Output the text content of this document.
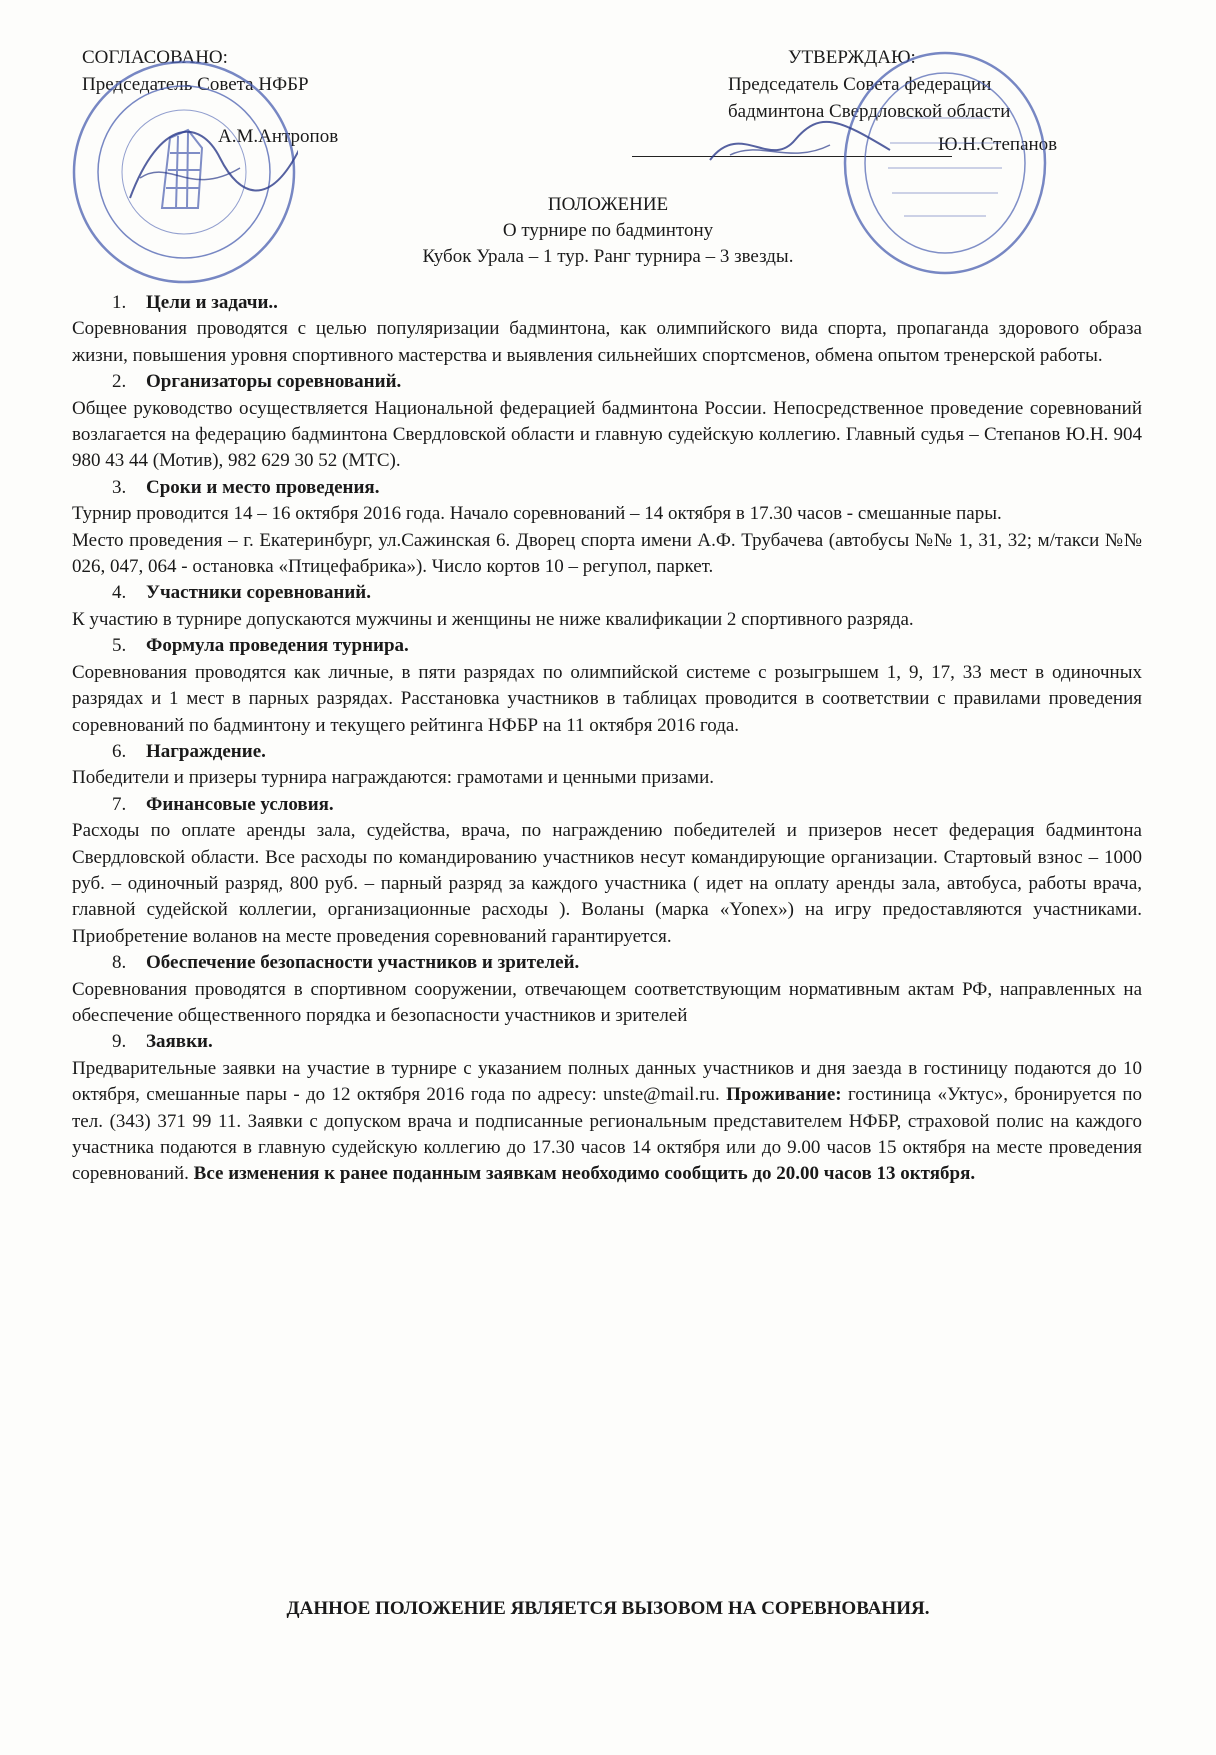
СОГЛАСОВАНО:
Председатель Совета НФБР
А.М.Антропов
УТВЕРЖДАЮ:
Председатель Совета федерации
бадминтона Свердловской области
Ю.Н.Степанов
ПОЛОЖЕНИЕ
О турнире по бадминтону
Кубок Урала – 1 тур. Ранг турнира – 3 звезды.
1. Цели и задачи..

Соревнования проводятся с целью популяризации бадминтона, как олимпийского вида спорта, пропаганда здорового образа жизни, повышения уровня спортивного мастерства и выявления сильнейших спортсменов, обмена опытом тренерской работы.

2. Организаторы соревнований.

Общее руководство осуществляется Национальной федерацией бадминтона России. Непосредственное проведение соревнований возлагается на федерацию бадминтона Свердловской области и главную судейскую коллегию. Главный судья – Степанов Ю.Н. 904 980 43 44 (Мотив), 982 629 30 52 (МТС).

3. Сроки и место проведения.

Турнир проводится 14 – 16 октября 2016 года. Начало соревнований – 14 октября в 17.30 часов - смешанные пары.

Место проведения – г. Екатеринбург, ул.Сажинская 6. Дворец спорта имени А.Ф. Трубачева (автобусы №№ 1, 31, 32; м/такси №№ 026, 047, 064 - остановка «Птицефабрика»). Число кортов 10 – регупол, паркет.

4. Участники соревнований.

К участию в турнире допускаются мужчины и женщины не ниже квалификации 2 спортивного разряда.

5. Формула проведения турнира.

Соревнования проводятся как личные, в пяти разрядах по олимпийской системе с розыгрышем 1, 9, 17, 33 мест в одиночных разрядах и 1 мест в парных разрядах. Расстановка участников в таблицах проводится в соответствии с правилами проведения соревнований по бадминтону и текущего рейтинга НФБР на 11 октября 2016 года.

6. Награждение.

Победители и призеры турнира награждаются: грамотами и ценными призами.

7. Финансовые условия.

Расходы по оплате аренды зала, судейства, врача, по награждению победителей и призеров несет федерация бадминтона Свердловской области. Все расходы по командированию участников несут командирующие организации. Стартовый взнос – 1000 руб. – одиночный разряд, 800 руб. – парный разряд за каждого участника ( идет на оплату аренды зала, автобуса, работы врача, главной судейской коллегии, организационные расходы ). Воланы (марка «Yonex») на игру предоставляются участниками. Приобретение воланов на месте проведения соревнований гарантируется.

8. Обеспечение безопасности участников и зрителей.

Соревнования проводятся в спортивном сооружении, отвечающем соответствующим нормативным актам РФ, направленных на обеспечение общественного порядка и безопасности участников и зрителей

9. Заявки.

Предварительные заявки на участие в турнире с указанием полных данных участников и дня заезда в гостиницу подаются до 10 октября, смешанные пары - до 12 октября 2016 года по адресу: unste@mail.ru. Проживание: гостиница «Уктус», бронируется по тел. (343) 371 99 11. Заявки с допуском врача и подписанные региональным представителем НФБР, страховой полис на каждого участника подаются в главную судейскую коллегию до 17.30 часов 14 октября или до 9.00 часов 15 октября на месте проведения соревнований. Все изменения к ранее поданным заявкам необходимо сообщить до 20.00 часов 13 октября.

ДАННОЕ ПОЛОЖЕНИЕ ЯВЛЯЕТСЯ ВЫЗОВОМ НА СОРЕВНОВАНИЯ.
